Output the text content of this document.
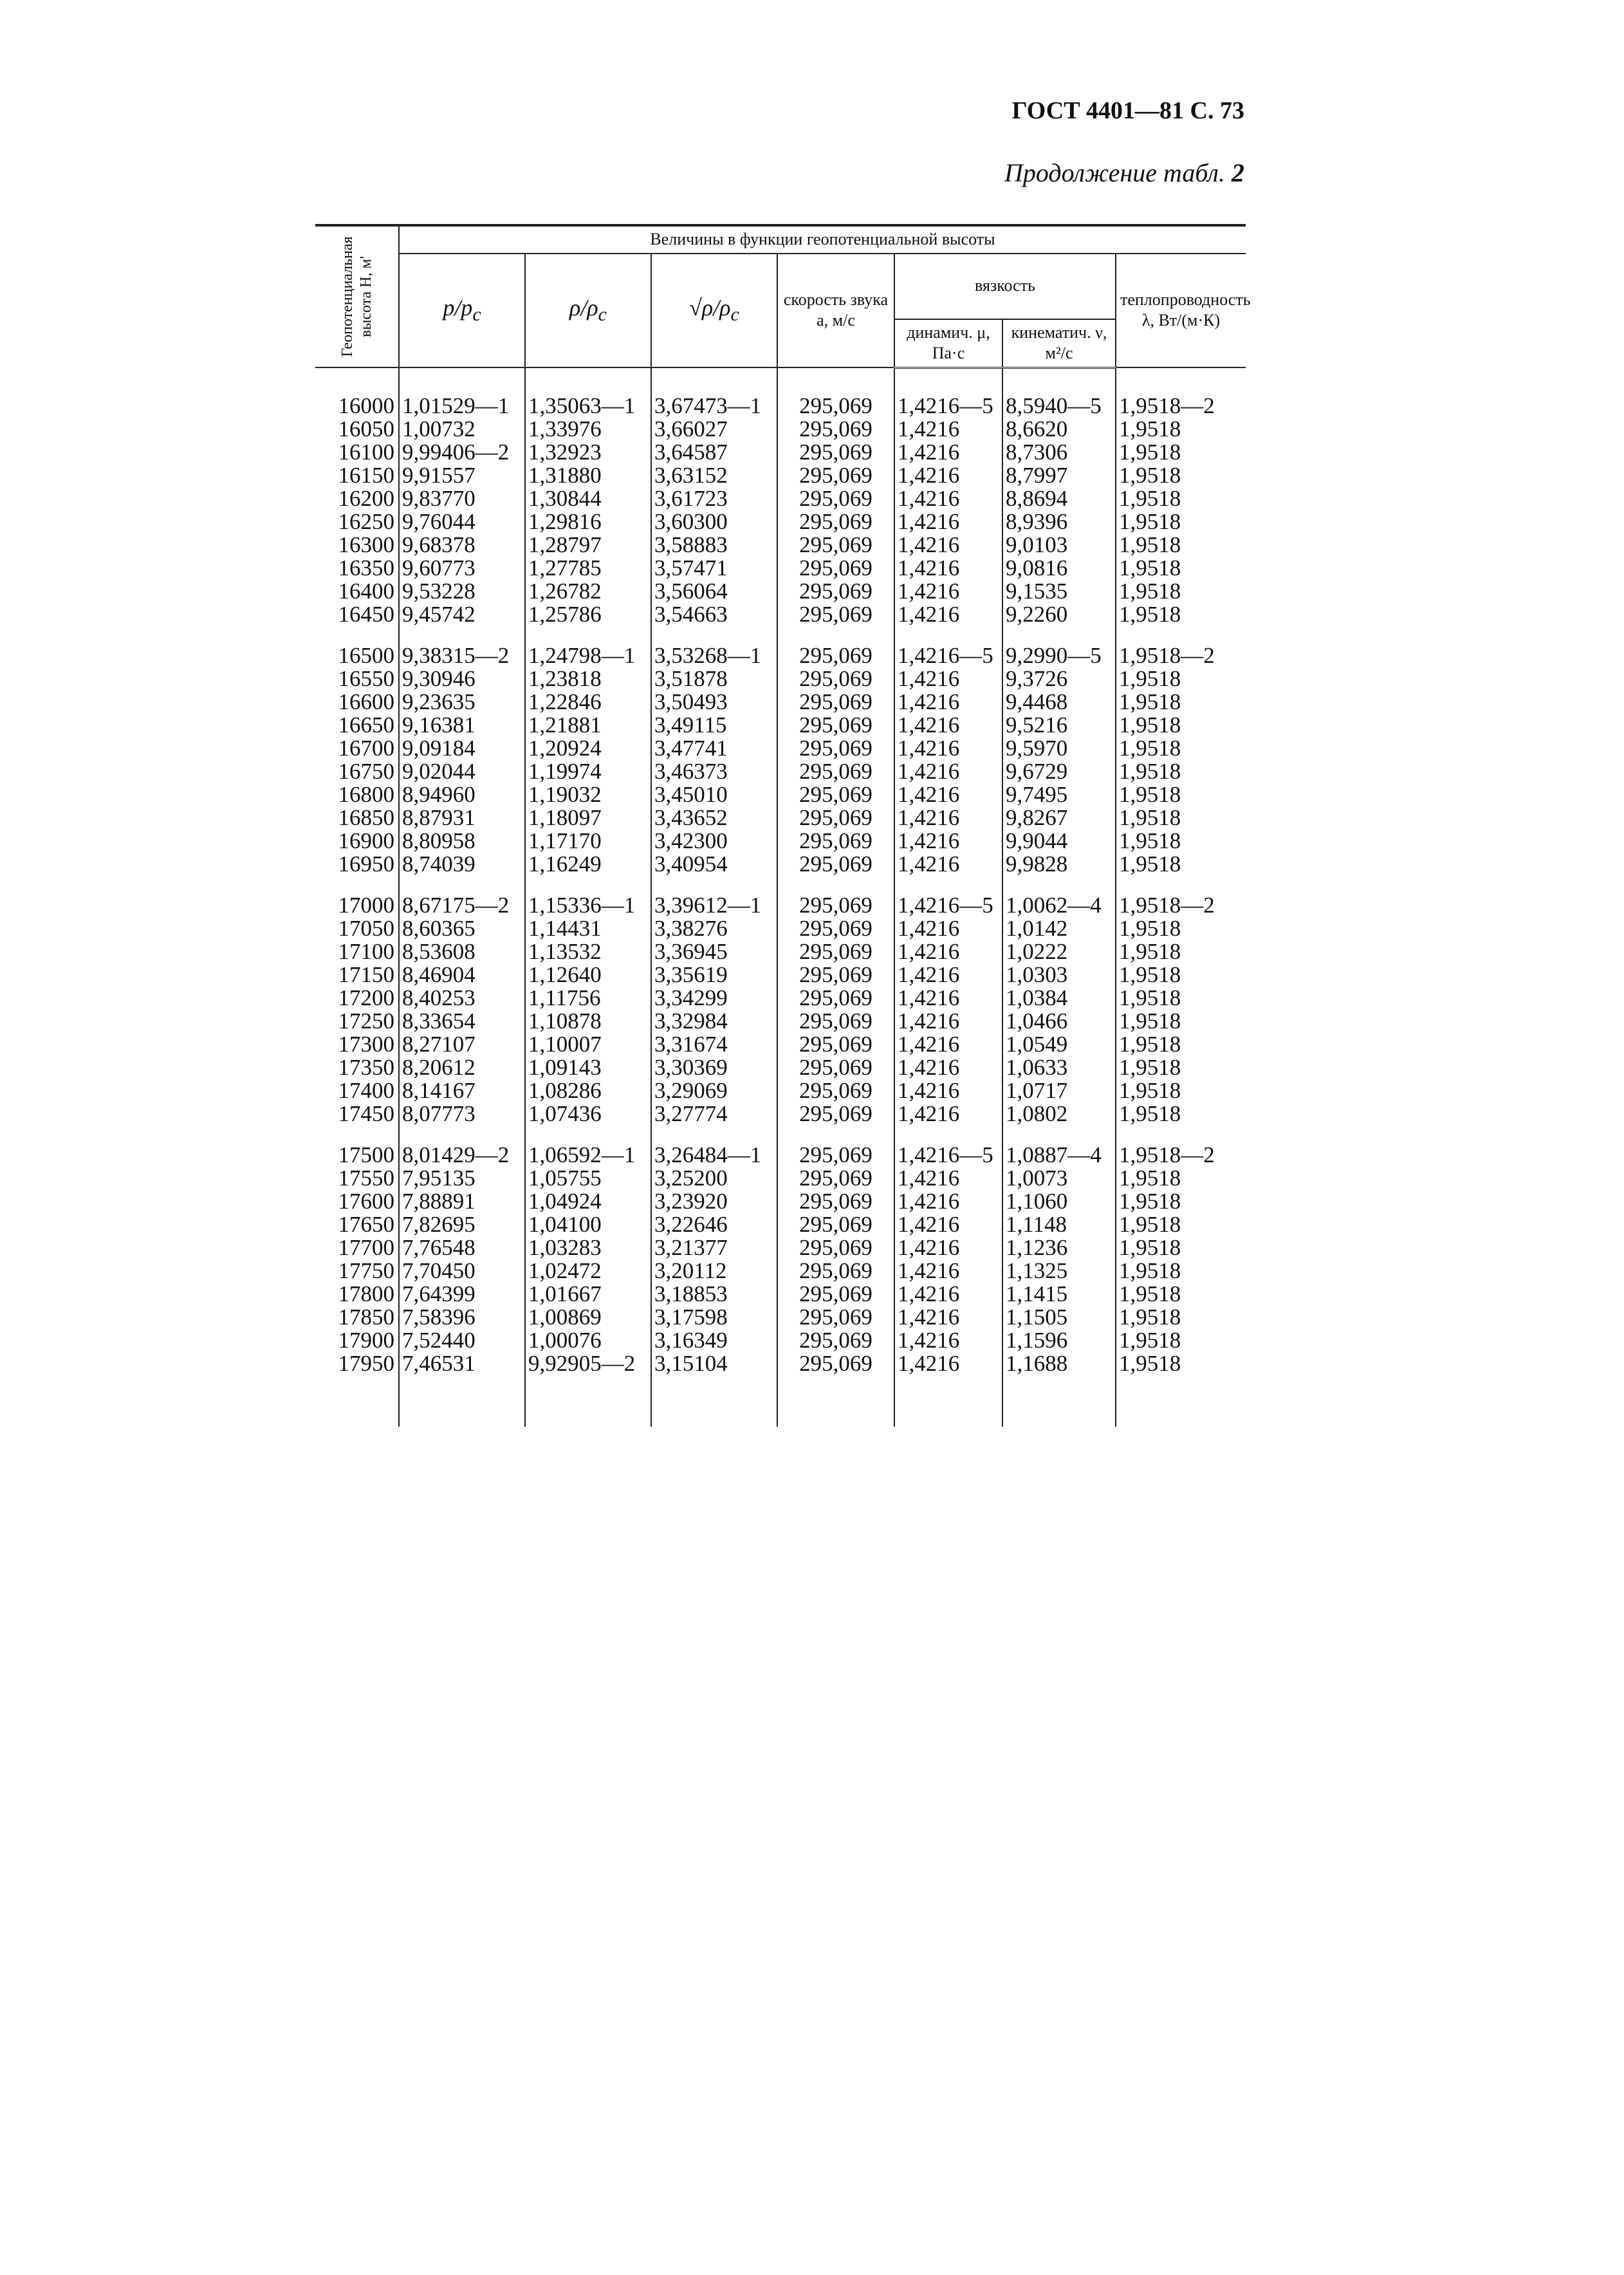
ГОСТ 4401—81 С. 73
Продолжение табл. 2
Геопотенциальная высота H, м'	Величины в функции геопотенциальной высоты						
	$p/p_c$	$\rho/\rho_c$	$√\rho/\rho_c$	скорость звука a, м/с	вязкость		теплопроводность λ, Вт/(м·К)
					динамич. μ, Па·с	кинематич. ν, м²/с	

16000	1,01529—1	1,35063—1	3,67473—1	295,069	1,4216—5	8,5940—5	1,9518—2
16050	1,00732	1,33976	3,66027	295,069	1,4216	8,6620	1,9518
16100	9,99406—2	1,32923	3,64587	295,069	1,4216	8,7306	1,9518
16150	9,91557	1,31880	3,63152	295,069	1,4216	8,7997	1,9518
16200	9,83770	1,30844	3,61723	295,069	1,4216	8,8694	1,9518
16250	9,76044	1,29816	3,60300	295,069	1,4216	8,9396	1,9518
16300	9,68378	1,28797	3,58883	295,069	1,4216	9,0103	1,9518
16350	9,60773	1,27785	3,57471	295,069	1,4216	9,0816	1,9518
16400	9,53228	1,26782	3,56064	295,069	1,4216	9,1535	1,9518
16450	9,45742	1,25786	3,54663	295,069	1,4216	9,2260	1,9518

16500	9,38315—2	1,24798—1	3,53268—1	295,069	1,4216—5	9,2990—5	1,9518—2
16550	9,30946	1,23818	3,51878	295,069	1,4216	9,3726	1,9518
16600	9,23635	1,22846	3,50493	295,069	1,4216	9,4468	1,9518
16650	9,16381	1,21881	3,49115	295,069	1,4216	9,5216	1,9518
16700	9,09184	1,20924	3,47741	295,069	1,4216	9,5970	1,9518
16750	9,02044	1,19974	3,46373	295,069	1,4216	9,6729	1,9518
16800	8,94960	1,19032	3,45010	295,069	1,4216	9,7495	1,9518
16850	8,87931	1,18097	3,43652	295,069	1,4216	9,8267	1,9518
16900	8,80958	1,17170	3,42300	295,069	1,4216	9,9044	1,9518
16950	8,74039	1,16249	3,40954	295,069	1,4216	9,9828	1,9518

17000	8,67175—2	1,15336—1	3,39612—1	295,069	1,4216—5	1,0062—4	1,9518—2
17050	8,60365	1,14431	3,38276	295,069	1,4216	1,0142	1,9518
17100	8,53608	1,13532	3,36945	295,069	1,4216	1,0222	1,9518
17150	8,46904	1,12640	3,35619	295,069	1,4216	1,0303	1,9518
17200	8,40253	1,11756	3,34299	295,069	1,4216	1,0384	1,9518
17250	8,33654	1,10878	3,32984	295,069	1,4216	1,0466	1,9518
17300	8,27107	1,10007	3,31674	295,069	1,4216	1,0549	1,9518
17350	8,20612	1,09143	3,30369	295,069	1,4216	1,0633	1,9518
17400	8,14167	1,08286	3,29069	295,069	1,4216	1,0717	1,9518
17450	8,07773	1,07436	3,27774	295,069	1,4216	1,0802	1,9518

17500	8,01429—2	1,06592—1	3,26484—1	295,069	1,4216—5	1,0887—4	1,9518—2
17550	7,95135	1,05755	3,25200	295,069	1,4216	1,0073	1,9518
17600	7,88891	1,04924	3,23920	295,069	1,4216	1,1060	1,9518
17650	7,82695	1,04100	3,22646	295,069	1,4216	1,1148	1,9518
17700	7,76548	1,03283	3,21377	295,069	1,4216	1,1236	1,9518
17750	7,70450	1,02472	3,20112	295,069	1,4216	1,1325	1,9518
17800	7,64399	1,01667	3,18853	295,069	1,4216	1,1415	1,9518
17850	7,58396	1,00869	3,17598	295,069	1,4216	1,1505	1,9518
17900	7,52440	1,00076	3,16349	295,069	1,4216	1,1596	1,9518
17950	7,46531	9,92905—2	3,15104	295,069	1,4216	1,1688	1,9518
